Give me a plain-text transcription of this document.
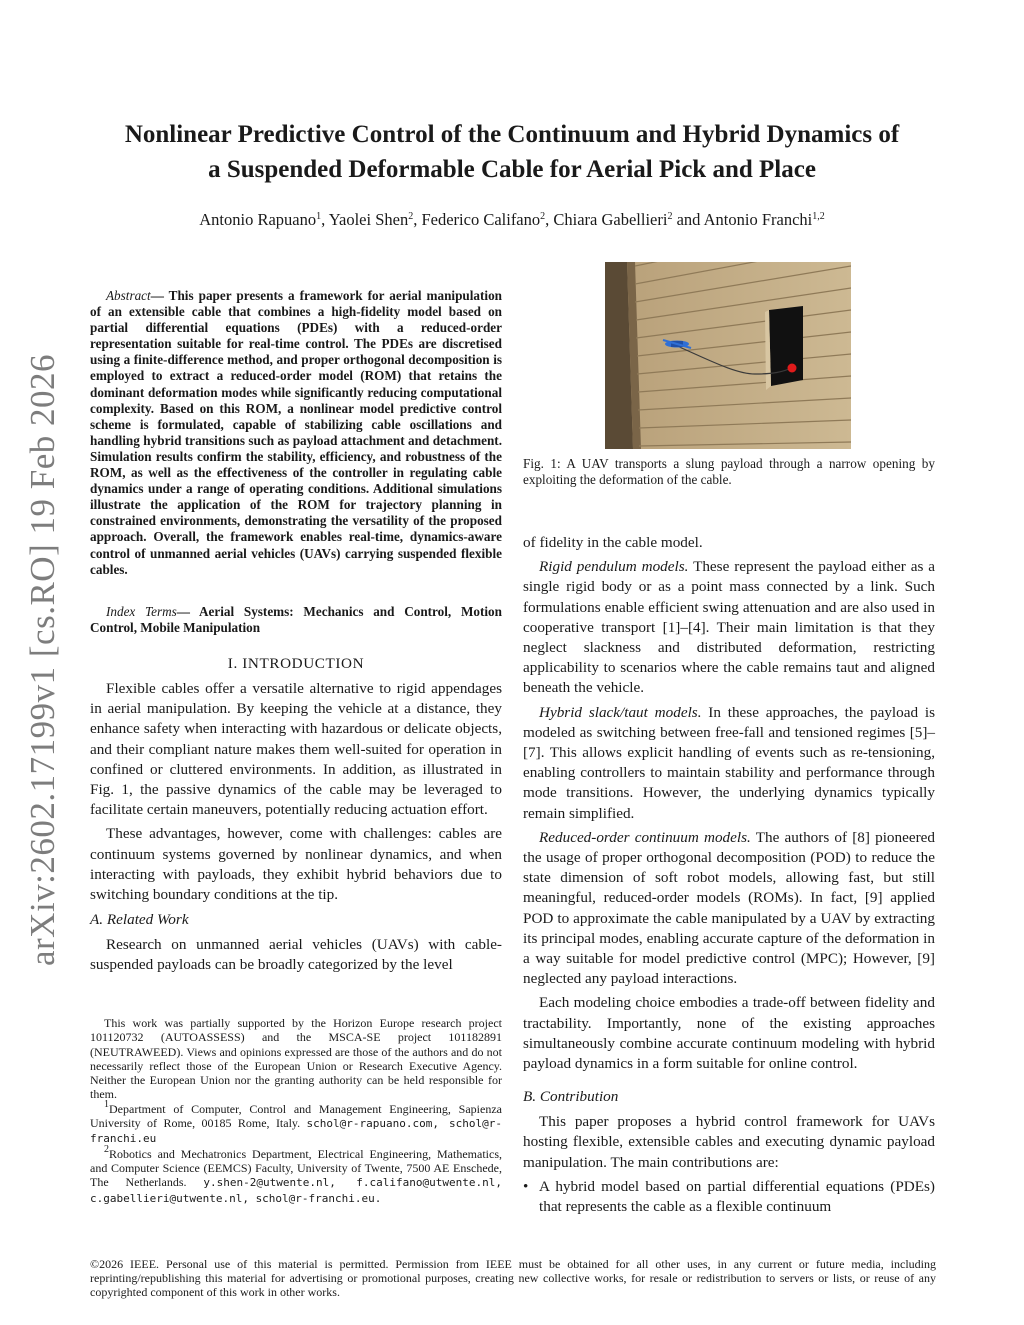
arXiv:2602.17199v1 [cs.RO] 19 Feb 2026
Nonlinear Predictive Control of the Continuum and Hybrid Dynamics of
a Suspended Deformable Cable for Aerial Pick and Place
Antonio Rapuano$^1$, Yaolei Shen$^2$, Federico Califano$^2$, Chiara Gabellieri$^2$ and Antonio Franchi$^{1,2}$

Abstract— This paper presents a framework for aerial manipulation of an extensible cable that combines a high-fidelity model based on partial differential equations (PDEs) with a reduced-order representation suitable for real-time control. The PDEs are discretised using a finite-difference method, and proper orthogonal decomposition is employed to extract a reduced-order model (ROM) that retains the dominant deformation modes while significantly reducing computational complexity. Based on this ROM, a nonlinear model predictive control scheme is formulated, capable of stabilizing cable oscillations and handling hybrid transitions such as payload attachment and detachment. Simulation results confirm the stability, efficiency, and robustness of the ROM, as well as the effectiveness of the controller in regulating cable dynamics under a range of operating conditions. Additional simulations illustrate the application of the ROM for trajectory planning in constrained environments, demonstrating the versatility of the proposed approach. Overall, the framework enables real-time, dynamics-aware control of unmanned aerial vehicles (UAVs) carrying suspended flexible cables.

Index Terms— Aerial Systems: Mechanics and Control, Motion Control, Mobile Manipulation

I. INTRODUCTION

Flexible cables offer a versatile alternative to rigid appendages in aerial manipulation. By keeping the vehicle at a distance, they enhance safety when interacting with hazardous or delicate objects, and their compliant nature makes them well-suited for operation in confined or cluttered environments. In addition, as illustrated in Fig. 1, the passive dynamics of the cable may be leveraged to facilitate certain maneuvers, potentially reducing actuation effort.

These advantages, however, come with challenges: cables are continuum systems governed by nonlinear dynamics, and when interacting with payloads, they exhibit hybrid behaviors due to switching boundary conditions at the tip.

A. Related Work

Research on unmanned aerial vehicles (UAVs) with cable-suspended payloads can be broadly categorized by the level

This work was partially supported by the Horizon Europe research project 101120732 (AUTOASSESS) and the MSCA-SE project 101182891 (NEUTRAWEED). Views and opinions expressed are those of the authors and do not necessarily reflect those of the European Union or Research Executive Agency. Neither the European Union nor the granting authority can be held responsible for them.

$^1$Department of Computer, Control and Management Engineering, Sapienza University of Rome, 00185 Rome, Italy. schol@r-rapuano.com, schol@r-franchi.eu

$^2$Robotics and Mechatronics Department, Electrical Engineering, Mathematics, and Computer Science (EEMCS) Faculty, University of Twente, 7500 AE Enschede, The Netherlands. y.shen-2@utwente.nl, f.califano@utwente.nl, c.gabellieri@utwente.nl, schol@r-franchi.eu.

Fig. 1: A UAV transports a slung payload through a narrow opening by exploiting the deformation of the cable.

of fidelity in the cable model.

Rigid pendulum models. These represent the payload either as a single rigid body or as a point mass connected by a link. Such formulations enable efficient swing attenuation and are also used in cooperative transport [1]–[4]. Their main limitation is that they neglect slackness and distributed deformation, restricting applicability to scenarios where the cable remains taut and aligned beneath the vehicle.
Hybrid slack/taut models. In these approaches, the payload is modeled as switching between free-fall and tensioned regimes [5]–[7]. This allows explicit handling of events such as re-tensioning, enabling controllers to maintain stability and performance through mode transitions. However, the underlying dynamics typically remain simplified.
Reduced-order continuum models. The authors of [8] pioneered the usage of proper orthogonal decomposition (POD) to reduce the state dimension of soft robot models, allowing fast, but still meaningful, reduced-order models (ROMs). In fact, [9] applied POD to approximate the cable manipulated by a UAV by extracting its principal modes, enabling accurate capture of the deformation in a way suitable for model predictive control (MPC); However, [9] neglected any payload interactions.

Each modeling choice embodies a trade-off between fidelity and tractability. Importantly, none of the existing approaches simultaneously combine accurate continuum modeling with hybrid payload dynamics in a form suitable for online control.

B. Contribution

This paper proposes a hybrid control framework for UAVs hosting flexible, extensible cables and executing dynamic payload manipulation. The main contributions are:

• A hybrid model based on partial differential equations (PDEs) that represents the cable as a flexible continuum

©2026 IEEE. Personal use of this material is permitted. Permission from IEEE must be obtained for all other uses, in any current or future media, including reprinting/republishing this material for advertising or promotional purposes, creating new collective works, for resale or redistribution to servers or lists, or reuse of any copyrighted component of this work in other works.
